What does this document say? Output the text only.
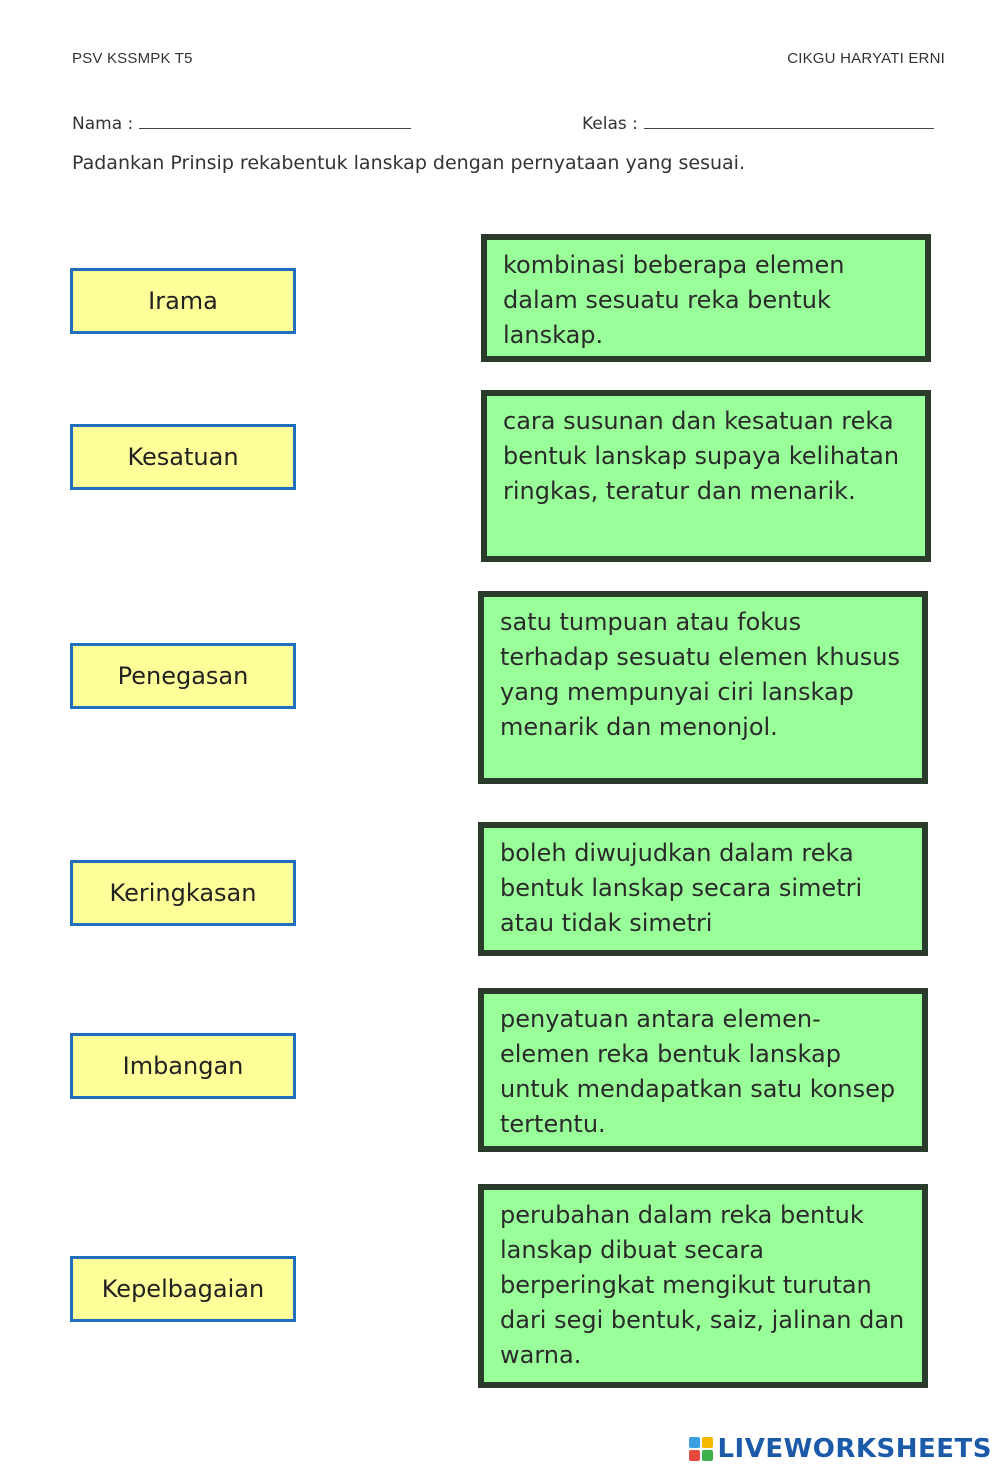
PSV KSSMPK T5	CIKGU HARYATI ERNI
Nama :	Kelas :
Padankan Prinsip rekabentuk lanskap dengan pernyataan yang sesuai.
Irama
Kesatuan
Penegasan
Keringkasan
Imbangan
Kepelbagaian
kombinasi beberapa elemen dalam sesuatu reka bentuk lanskap.
cara susunan dan kesatuan reka bentuk lanskap supaya kelihatan ringkas, teratur dan menarik.
satu tumpuan atau fokus terhadap sesuatu elemen khusus yang mempunyai ciri lanskap menarik dan menonjol.
boleh diwujudkan dalam reka bentuk lanskap secara simetri atau tidak simetri
penyatuan antara elemen-elemen reka bentuk lanskap untuk mendapatkan satu konsep tertentu.
perubahan dalam reka bentuk lanskap dibuat secara berperingkat mengikut turutan dari segi bentuk, saiz, jalinan dan warna.
LIVEWORKSHEETS
